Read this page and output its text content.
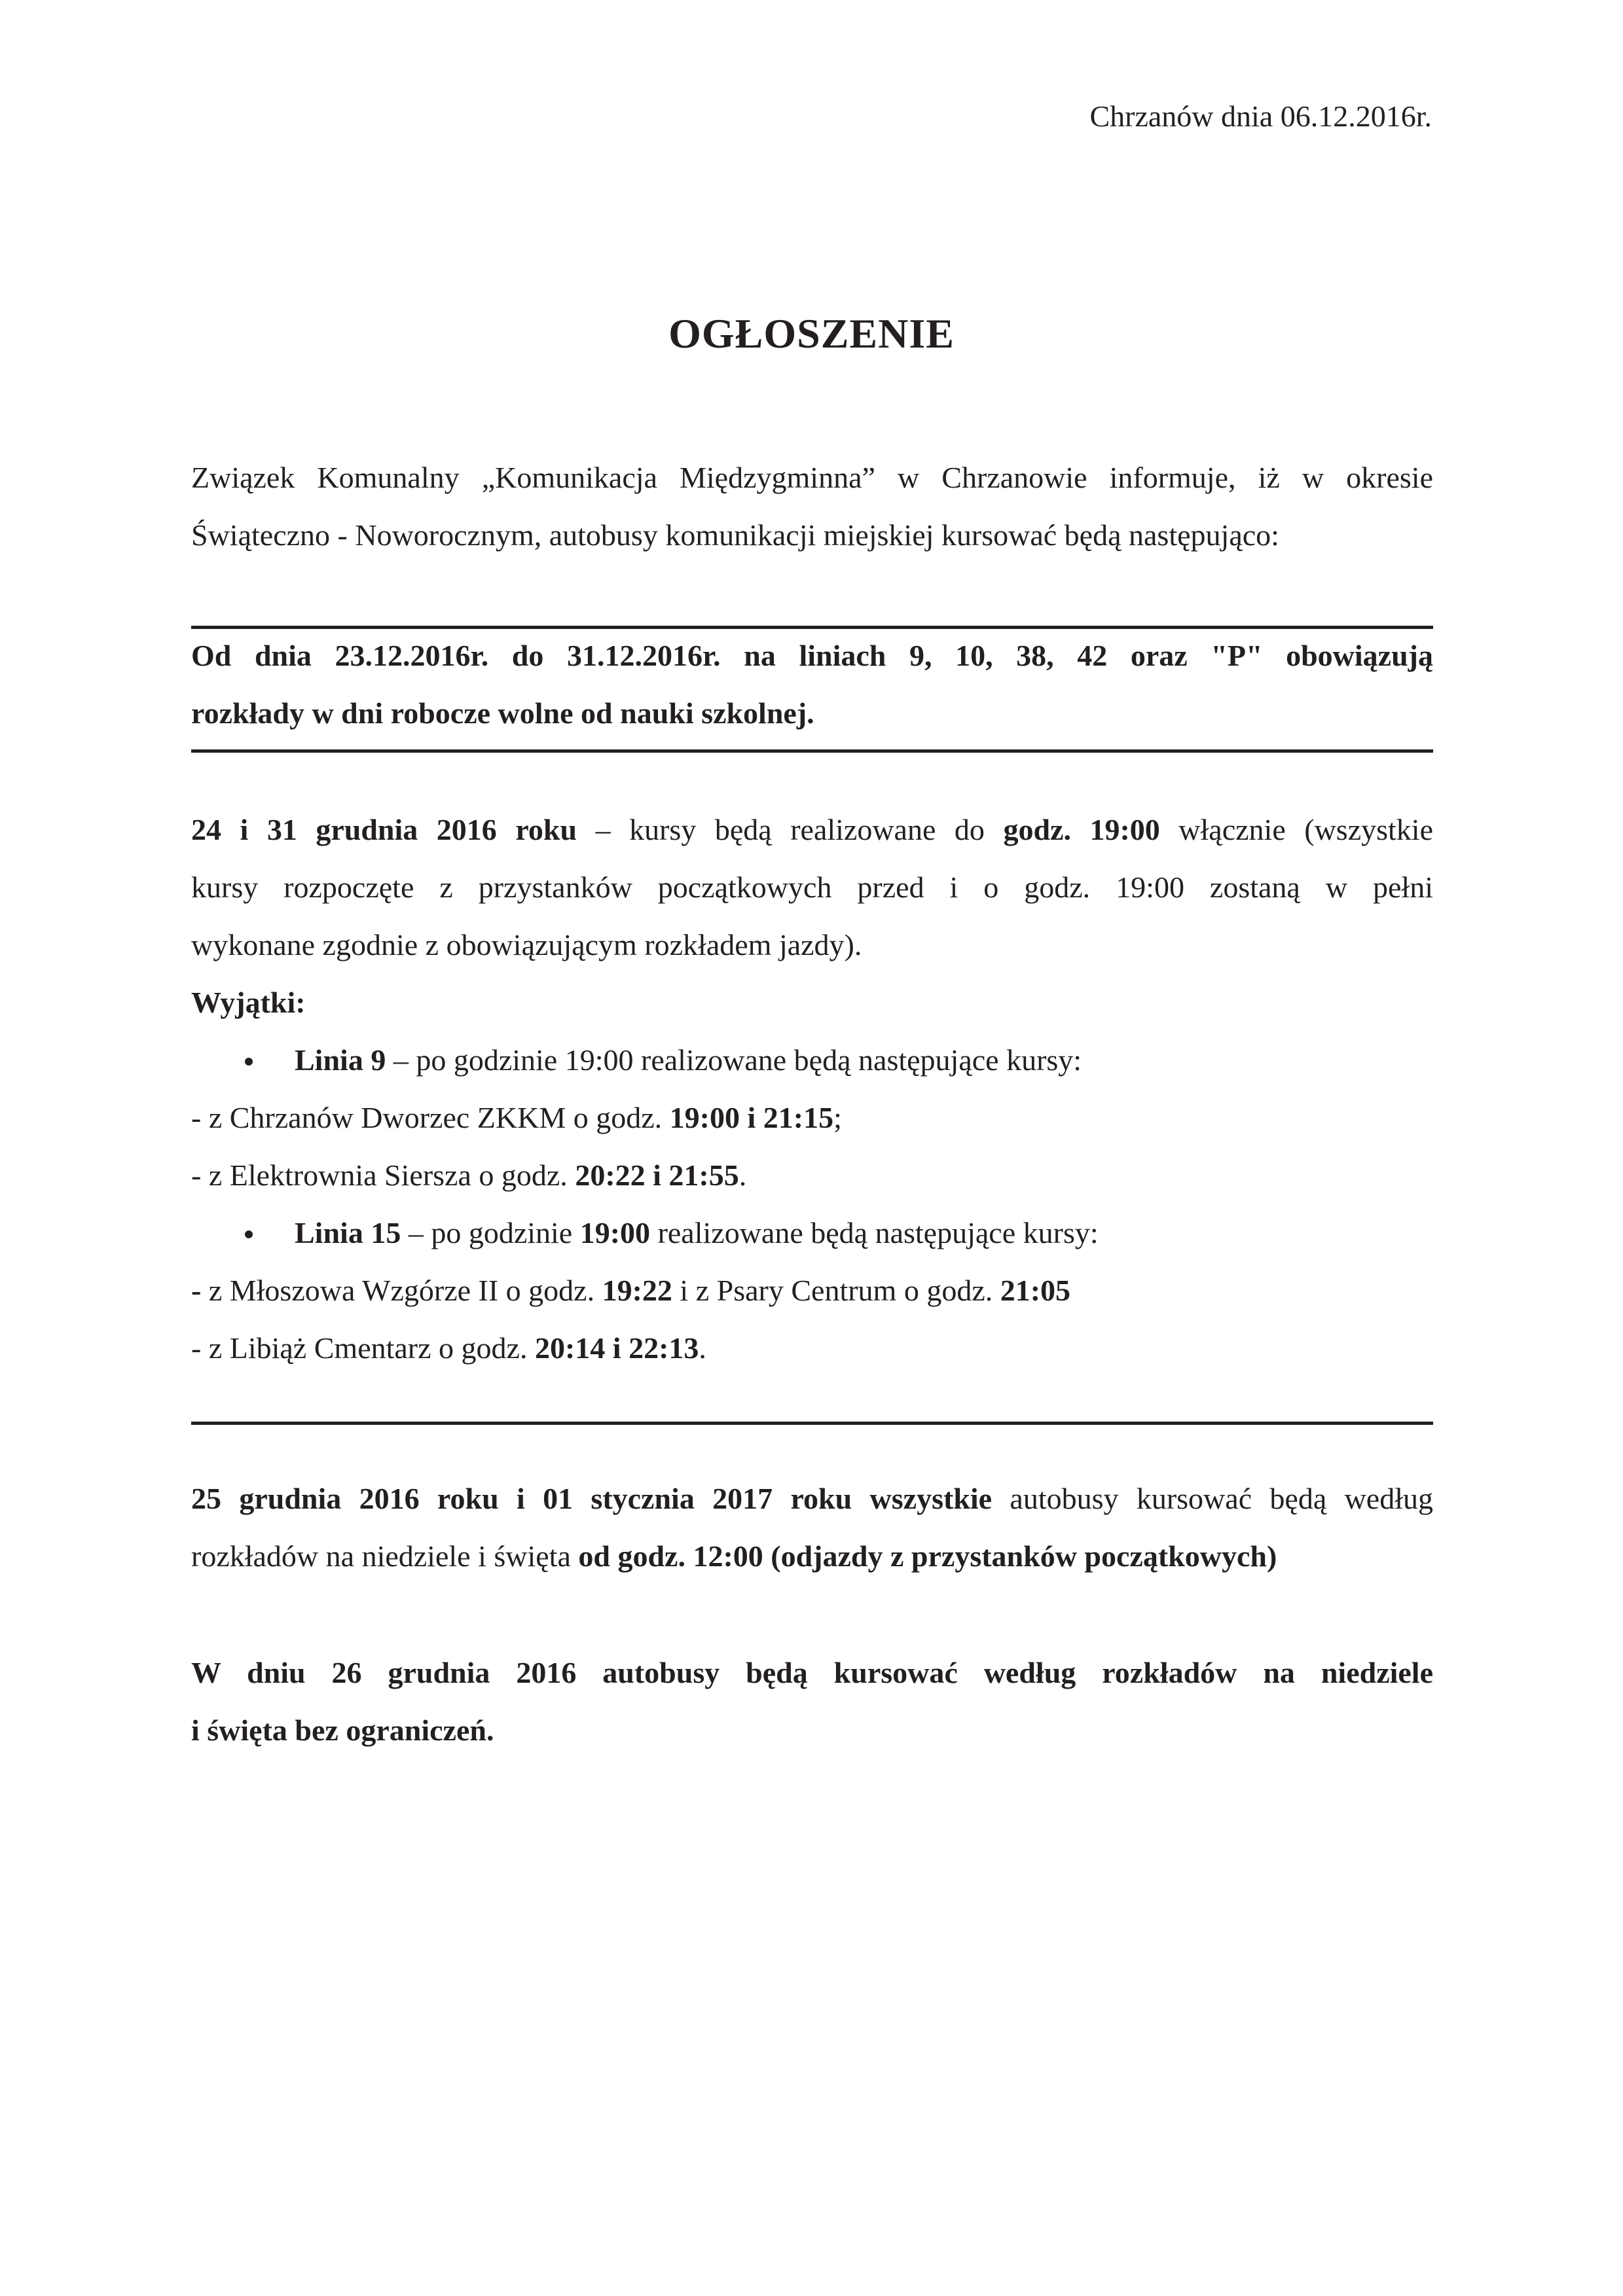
Chrzanów dnia 06.12.2016r.
OGŁOSZENIE

Związek Komunalny „Komunikacja Międzygminna” w Chrzanowie informuje, iż w okresie

Świąteczno - Noworocznym, autobusy komunikacji miejskiej kursować będą następująco:

Od dnia 23.12.2016r. do 31.12.2016r. na liniach 9, 10, 38, 42 oraz "P" obowiązują

rozkłady w dni robocze wolne od nauki szkolnej.

24 i 31 grudnia 2016 roku – kursy będą realizowane do godz. 19:00 włącznie (wszystkie

kursy rozpoczęte z przystanków początkowych przed i o godz. 19:00 zostaną w pełni

wykonane zgodnie z obowiązującym rozkładem jazdy).

Wyjątki:

Linia 9 – po godzinie 19:00 realizowane będą następujące kursy:

- z Chrzanów Dworzec ZKKM o godz. 19:00 i 21:15;

- z Elektrownia Siersza o godz. 20:22 i 21:55.

Linia 15 – po godzinie 19:00 realizowane będą następujące kursy:

- z Młoszowa Wzgórze II o godz. 19:22 i z Psary Centrum o godz. 21:05

- z Libiąż Cmentarz o godz. 20:14 i 22:13.

25 grudnia 2016 roku i 01 stycznia 2017 roku wszystkie autobusy kursować będą według

rozkładów na niedziele i święta od godz. 12:00 (odjazdy z przystanków początkowych)

W dniu 26 grudnia 2016 autobusy będą kursować według rozkładów na niedziele

i święta bez ograniczeń.
